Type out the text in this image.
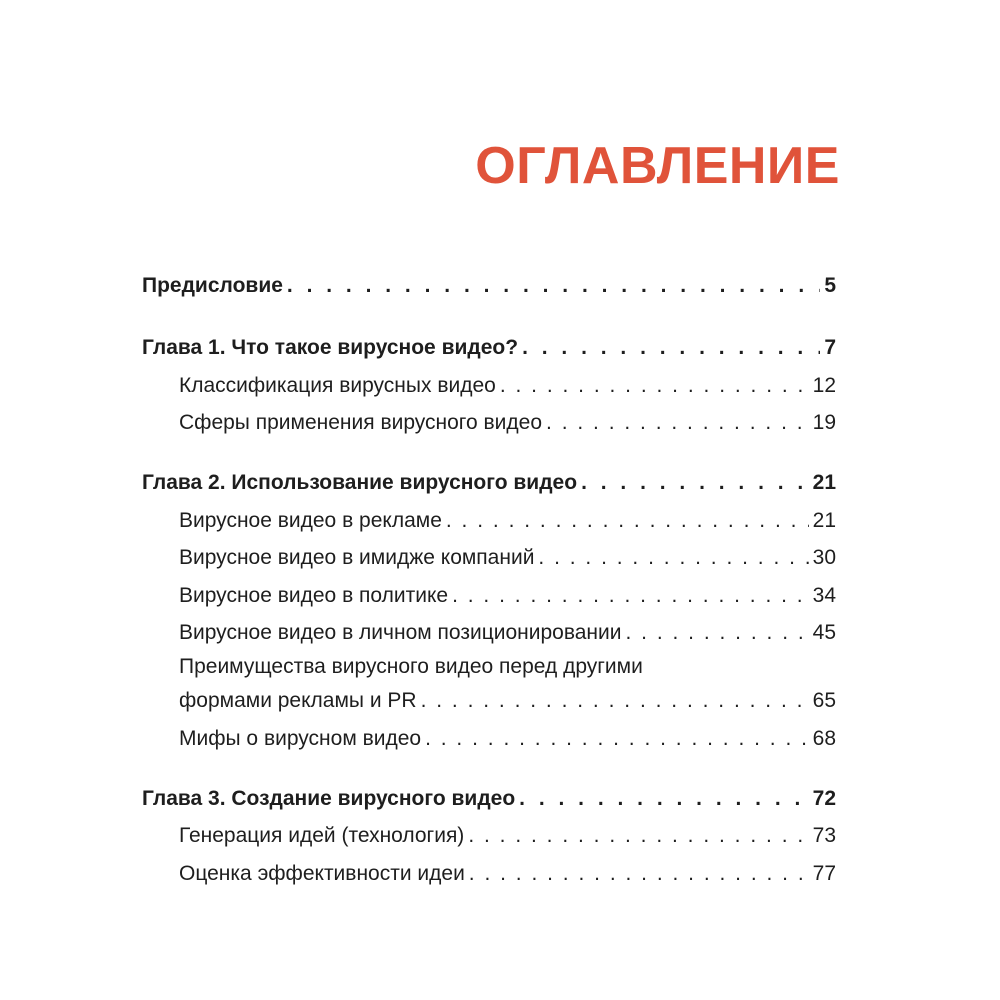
ОГЛАВЛЕНИЕ
Предисловие . . .	5
Глава 1. Что такое вирусное видео? . . .	7
Классификация вирусных видео . . .	12
Сферы применения вирусного видео . . .	19
Глава 2. Использование вирусного видео . . .	21
Вирусное видео в рекламе . . .	21
Вирусное видео в имидже компаний . . .	30
Вирусное видео в политике . . .	34
Вирусное видео в личном позиционировании . . .	45
Преимущества вирусного видео перед другими
формами рекламы и PR . . .	65
Мифы о вирусном видео . . .	68
Глава 3. Создание вирусного видео . . .	72
Генерация идей (технология) . . .	73
Оценка эффективности идеи . . .	77
